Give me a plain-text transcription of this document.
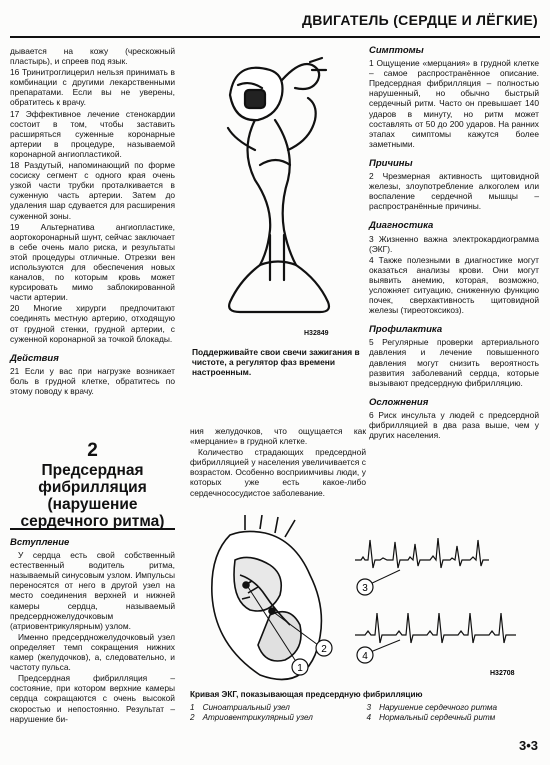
ДВИГАТЕЛЬ (СЕРДЦЕ И ЛЁГКИЕ)

дывается на кожу (чрескожный пластырь), и спреев под язык.

16 Тринитроглицерил нельзя принимать в комбинации с другими лекарственными препаратами. Если вы не уверены, обратитесь к врачу.

17 Эффективное лечение стенокардии состоит в том, чтобы заставить расширяться суженные коронарные артерии в процедуре, называемой коронарной ангиопластикой.

18 Раздутый, напоминающий по форме сосиску сегмент с одного края очень узкой части трубки проталкивается в суженную часть артерии. Затем до удаления шар сдувается для расширения суженной зоны.

19 Альтернатива ангиопластике, аортокоронарный шунт, сейчас заключает в себе очень мало риска, и результаты этой процедуры отличные. Отрезки вен используются для обеспечения новых каналов, по которым кровь может курсировать мимо заблокированной части артерии.

20 Многие хирурги предпочитают соединять местную артерию, отходящую от грудной стенки, грудной артерии, с суженной коронарной за точкой блокады.

Действия

21 Если у вас при нагрузке возникает боль в грудной клетке, обратитесь по этому поводу к врачу.

2
Предсердная фибрилляция (нарушение сердечного ритма)
Вступление

У сердца есть свой собственный естественный водитель ритма, называемый синусовым узлом. Импульсы переносятся от него в другой узел на место соединения верхней и нижней камеры сердца, называемый предсердножелудочковым (атриовентрикулярным) узлом.

Именно предсердножелудочковый узел определяет темп сокращения нижних камер (желудочков), а, следовательно, и частоту пульса.

Предсердная фибрилляция – состояние, при котором верхние камеры сердца сокращаются с очень высокой скоростью и непостоянно. Результат – нарушение би-

H32849
Поддерживайте свои свечи зажигания в чистоте, а регулятор фаз времени настроенным.

ния желудочков, что ощущается как «мерцание» в грудной клетке.

Количество страдающих предсердной фибрилляцией у населения увеличивается с возрастом. Особенно восприимчивы люди, у которых уже есть какое-либо сердечнососудистое заболевание.

Симптомы

1 Ощущение «мерцания» в грудной клетке – самое распространённое описание. Предсердная фибрилляция – полностью нарушенный, но обычно быстрый сердечный ритм. Часто он превышает 140 ударов в минуту, но ритм может составлять от 50 до 200 ударов. На ранних этапах симптомы кажутся более заметными.

Причины

2 Чрезмерная активность щитовидной железы, злоупотребление алкоголем или воспаление сердечной мышцы – распространённые причины.

Диагностика

3 Жизненно важна электрокардиограмма (ЭКГ).

4 Также полезными в диагностике могут оказаться анализы крови. Они могут выявить анемию, которая, возможно, усложняет ситуацию, сниженную функцию почек, сверхактивность щитовидной железы (тиреотоксикоз).

Профилактика

5 Регулярные проверки артериального давления и лечение повышенного давления могут снизить вероятность развития заболеваний сердца, которые вызывают предсердную фибрилляцию.

Осложнения

6 Риск инсульта у людей с предсердной фибрилляцией в два раза выше, чем у других населения.

1
2
3
4
H32708
Кривая ЭКГ, показывающая предсердную фибрилляцию
1 Синоатриальный узел	3 Нарушение сердечного ритма
2 Атриовентрикулярный узел	4 Нормальный сердечный ритм
3•3
